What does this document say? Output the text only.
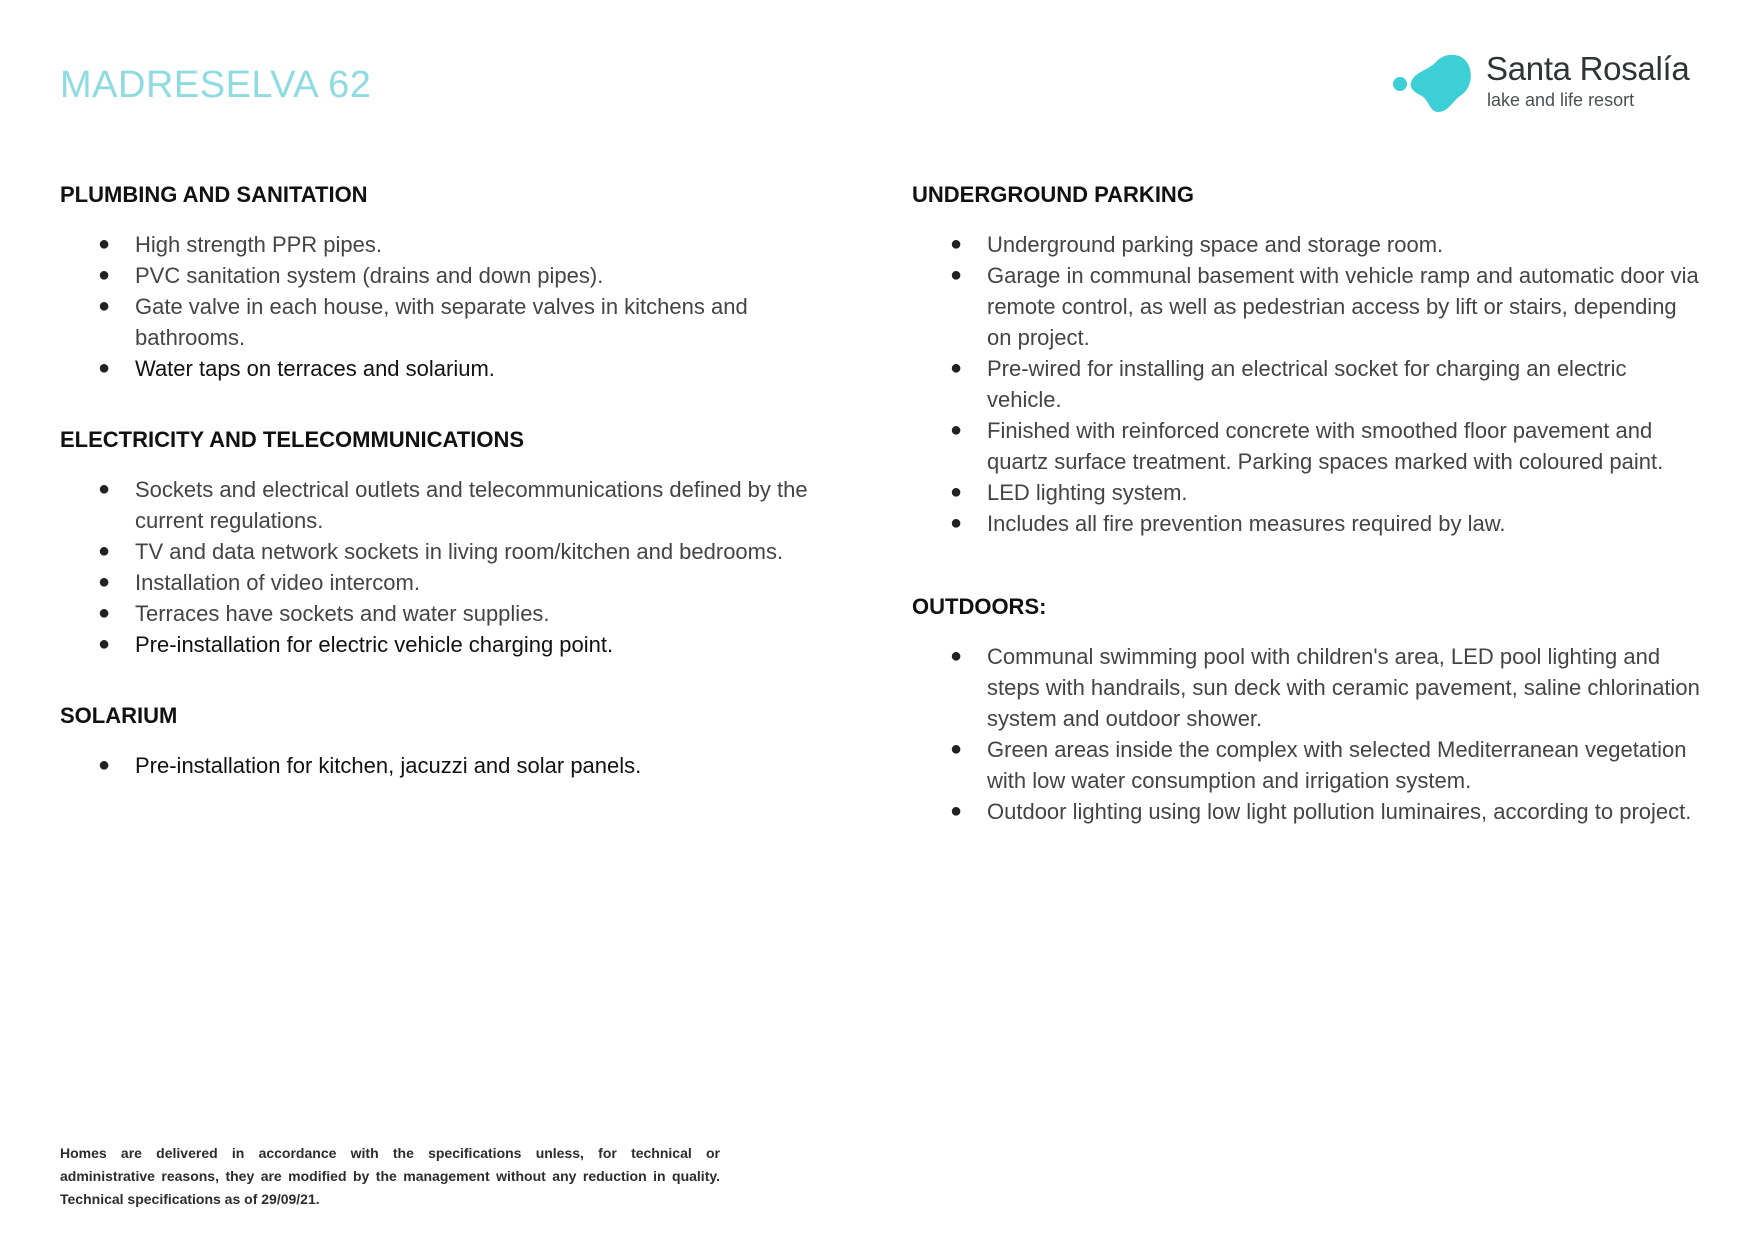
MADRESELVA 62	Santa Rosalía
lake and life resort
PLUMBING AND SANITATION
● High strength PPR pipes.
● PVC sanitation system (drains and down pipes).
● Gate valve in each house, with separate valves in kitchens and bathrooms.
● Water taps on terraces and solarium.
ELECTRICITY AND TELECOMMUNICATIONS
● Sockets and electrical outlets and telecommunications defined by the current regulations.
● TV and data network sockets in living room/kitchen and bedrooms.
● Installation of video intercom.
● Terraces have sockets and water supplies.
● Pre-installation for electric vehicle charging point.
SOLARIUM
● Pre-installation for kitchen, jacuzzi and solar panels.
UNDERGROUND PARKING
● Underground parking space and storage room.
● Garage in communal basement with vehicle ramp and automatic door via remote control, as well as pedestrian access by lift or stairs, depending on project.
● Pre-wired for installing an electrical socket for charging an electric vehicle.
● Finished with reinforced concrete with smoothed floor pavement and quartz surface treatment. Parking spaces marked with coloured paint.
● LED lighting system.
● Includes all fire prevention measures required by law.
OUTDOORS:
● Communal swimming pool with children's area, LED pool lighting and steps with handrails, sun deck with ceramic pavement, saline chlorination system and outdoor shower.
● Green areas inside the complex with selected Mediterranean vegetation with low water consumption and irrigation system.
● Outdoor lighting using low light pollution luminaires, according to project.
Homes are delivered in accordance with the specifications unless, for technical or
administrative reasons, they are modified by the management without any reduction in quality.
Technical specifications as of 29/09/21.
